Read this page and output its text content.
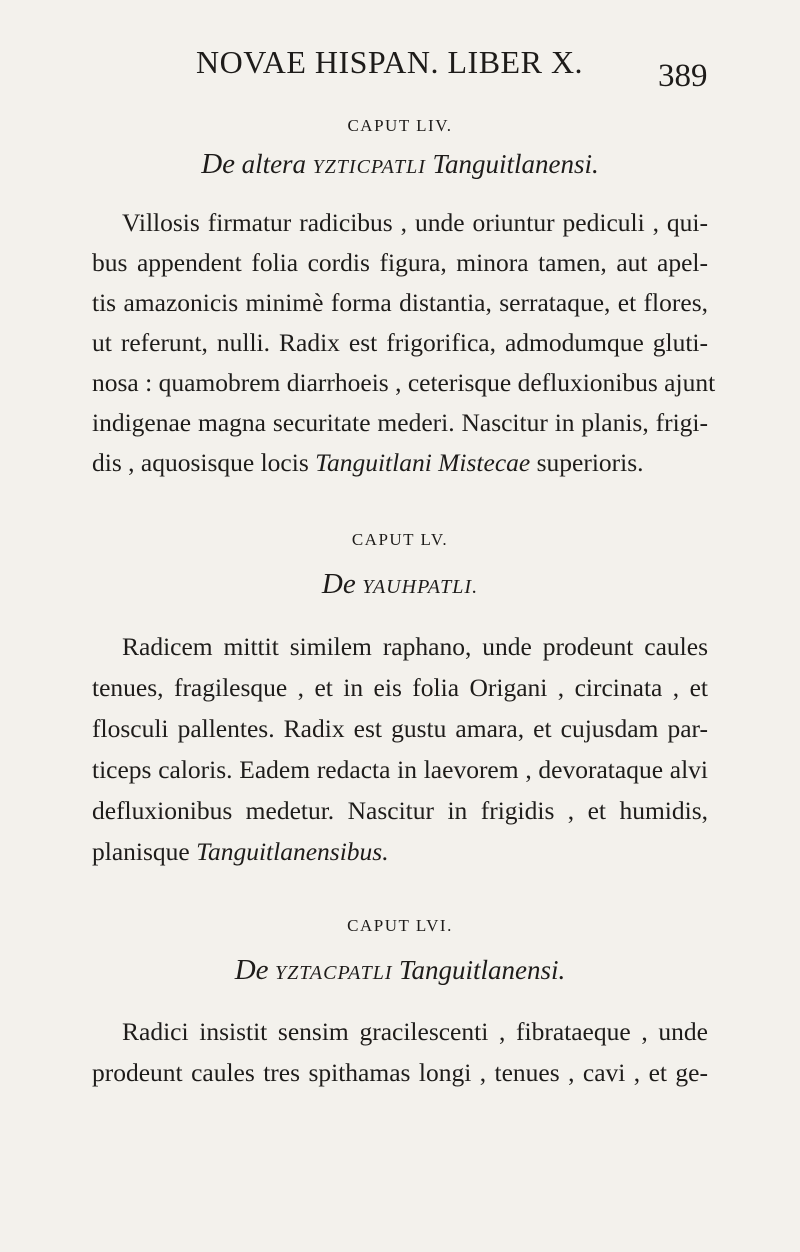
NOVAE HISPAN. LIBER X. 389
CAPUT LIV.
De altera YZTICPATLI Tanguitlanensi.
Villosis firmatur radicibus , unde oriuntur pediculi , qui-
bus appendent folia cordis figura, minora tamen, aut apel-
tis amazonicis minimè forma distantia, serrataque, et flores,
ut referunt, nulli. Radix est frigorifica, admodumque gluti-
nosa : quamobrem diarrhoeis , ceterisque defluxionibus ajunt
indigenae magna securitate mederi. Nascitur in planis, frigi-
dis , aquosisque locis Tanguitlani Mistecae superioris.
CAPUT LV.
De YAUHPATLI.
Radicem mittit similem raphano, unde prodeunt caules
tenues, fragilesque , et in eis folia Origani , circinata , et
flosculi pallentes. Radix est gustu amara, et cujusdam par-
ticeps caloris. Eadem redacta in laevorem , devorataque alvi
defluxionibus medetur. Nascitur in frigidis , et humidis,
planisque Tanguitlanensibus.
CAPUT LVI.
De YZTACPATLI Tanguitlanensi.
Radici insistit sensim gracilescenti , fibrataeque , unde
prodeunt caules tres spithamas longi , tenues , cavi , et ge-
